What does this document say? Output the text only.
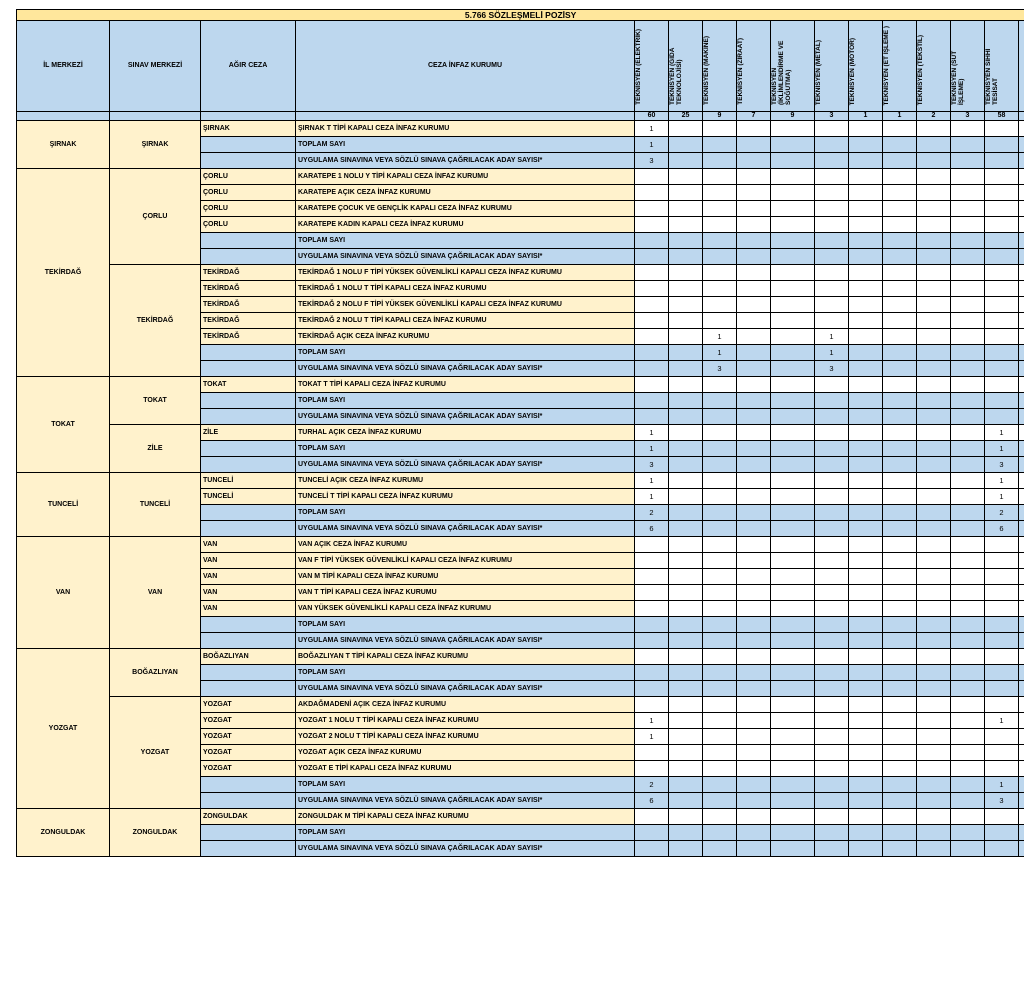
5.766 SÖZLEŞMELİ POZİSY															
İL MERKEZİ	SINAV MERKEZİ	AĞIR CEZA	CEZA İNFAZ KURUMU	TEKNİSYEN (ELEKTRİK)	TEKNİSYEN (GIDA TEKNOLOJİSİ)	TEKNİSYEN (MAKİNE)	TEKNİSYEN (ZİRAAT)	TEKNİSYEN (İKLİMLENDİRME VE SOĞUTMA)	TEKNİSYEN (METAL)	TEKNİSYEN (MOTOR)	TEKNİSYEN (ET İŞLEME )	TEKNİSYEN (TEKSTİL)	TEKNİSYEN (SÜT İŞLEME)	TEKNİSYEN SIHHİ TESİSAT	
				60	25	9	7	9	3	1	1	2	3	58	
ŞIRNAK	ŞIRNAK	ŞIRNAK	ŞIRNAK T TİPİ KAPALI CEZA İNFAZ KURUMU	1											
			TOPLAM SAYI	1											
			UYGULAMA SINAVINA VEYA SÖZLÜ SINAVA ÇAĞRILACAK ADAY SAYISI*	3											
TEKİRDAĞ	ÇORLU	ÇORLU	KARATEPE 1 NOLU Y TİPİ KAPALI CEZA İNFAZ KURUMU												
		ÇORLU	KARATEPE AÇIK CEZA İNFAZ KURUMU												
		ÇORLU	KARATEPE ÇOCUK VE GENÇLİK KAPALI CEZA İNFAZ KURUMU												
		ÇORLU	KARATEPE KADIN KAPALI CEZA İNFAZ KURUMU												
			TOPLAM SAYI												
			UYGULAMA SINAVINA VEYA SÖZLÜ SINAVA ÇAĞRILACAK ADAY SAYISI*												
	TEKİRDAĞ	TEKİRDAĞ	TEKİRDAĞ 1 NOLU F TİPİ YÜKSEK GÜVENLİKLİ KAPALI CEZA İNFAZ KURUMU												
		TEKİRDAĞ	TEKİRDAĞ 1 NOLU T TİPİ KAPALI CEZA İNFAZ KURUMU												
		TEKİRDAĞ	TEKİRDAĞ 2 NOLU F TİPİ YÜKSEK GÜVENLİKLİ KAPALI CEZA İNFAZ KURUMU												
		TEKİRDAĞ	TEKİRDAĞ 2 NOLU T TİPİ KAPALI CEZA İNFAZ KURUMU												
		TEKİRDAĞ	TEKİRDAĞ AÇIK CEZA İNFAZ KURUMU			1			1						
			TOPLAM SAYI			1			1						
			UYGULAMA SINAVINA VEYA SÖZLÜ SINAVA ÇAĞRILACAK ADAY SAYISI*			3			3						
TOKAT	TOKAT	TOKAT	TOKAT T TİPİ KAPALI CEZA İNFAZ KURUMU												
			TOPLAM SAYI												
			UYGULAMA SINAVINA VEYA SÖZLÜ SINAVA ÇAĞRILACAK ADAY SAYISI*												
	ZİLE	ZİLE	TURHAL AÇIK CEZA İNFAZ KURUMU	1										1	
			TOPLAM SAYI	1										1	
			UYGULAMA SINAVINA VEYA SÖZLÜ SINAVA ÇAĞRILACAK ADAY SAYISI*	3										3	
TUNCELİ	TUNCELİ	TUNCELİ	TUNCELİ AÇIK CEZA İNFAZ KURUMU	1										1	
		TUNCELİ	TUNCELİ T TİPİ KAPALI CEZA İNFAZ KURUMU	1										1	
			TOPLAM SAYI	2										2	
			UYGULAMA SINAVINA VEYA SÖZLÜ SINAVA ÇAĞRILACAK ADAY SAYISI*	6										6	
VAN	VAN	VAN	VAN AÇIK CEZA İNFAZ KURUMU												
		VAN	VAN F TİPİ YÜKSEK GÜVENLİKLİ KAPALI CEZA İNFAZ KURUMU												
		VAN	VAN M TİPİ KAPALI CEZA İNFAZ KURUMU												
		VAN	VAN T TİPİ KAPALI CEZA İNFAZ KURUMU												
		VAN	VAN YÜKSEK GÜVENLİKLİ KAPALI CEZA İNFAZ KURUMU												
			TOPLAM SAYI												
			UYGULAMA SINAVINA VEYA SÖZLÜ SINAVA ÇAĞRILACAK ADAY SAYISI*												
YOZGAT	BOĞAZLIYAN	BOĞAZLIYAN	BOĞAZLIYAN T TİPİ KAPALI CEZA İNFAZ KURUMU												
			TOPLAM SAYI												
			UYGULAMA SINAVINA VEYA SÖZLÜ SINAVA ÇAĞRILACAK ADAY SAYISI*												
	YOZGAT	YOZGAT	AKDAĞMADENİ AÇIK CEZA İNFAZ KURUMU												
		YOZGAT	YOZGAT 1 NOLU T TİPİ KAPALI CEZA İNFAZ KURUMU	1										1	
		YOZGAT	YOZGAT 2 NOLU T TİPİ KAPALI CEZA İNFAZ KURUMU	1											
		YOZGAT	YOZGAT AÇIK CEZA İNFAZ KURUMU												
		YOZGAT	YOZGAT E TİPİ KAPALI CEZA İNFAZ KURUMU												
			TOPLAM SAYI	2										1	
			UYGULAMA SINAVINA VEYA SÖZLÜ SINAVA ÇAĞRILACAK ADAY SAYISI*	6										3	
ZONGULDAK	ZONGULDAK	ZONGULDAK	ZONGULDAK M TİPİ KAPALI CEZA İNFAZ KURUMU												
			TOPLAM SAYI												
			UYGULAMA SINAVINA VEYA SÖZLÜ SINAVA ÇAĞRILACAK ADAY SAYISI*												
